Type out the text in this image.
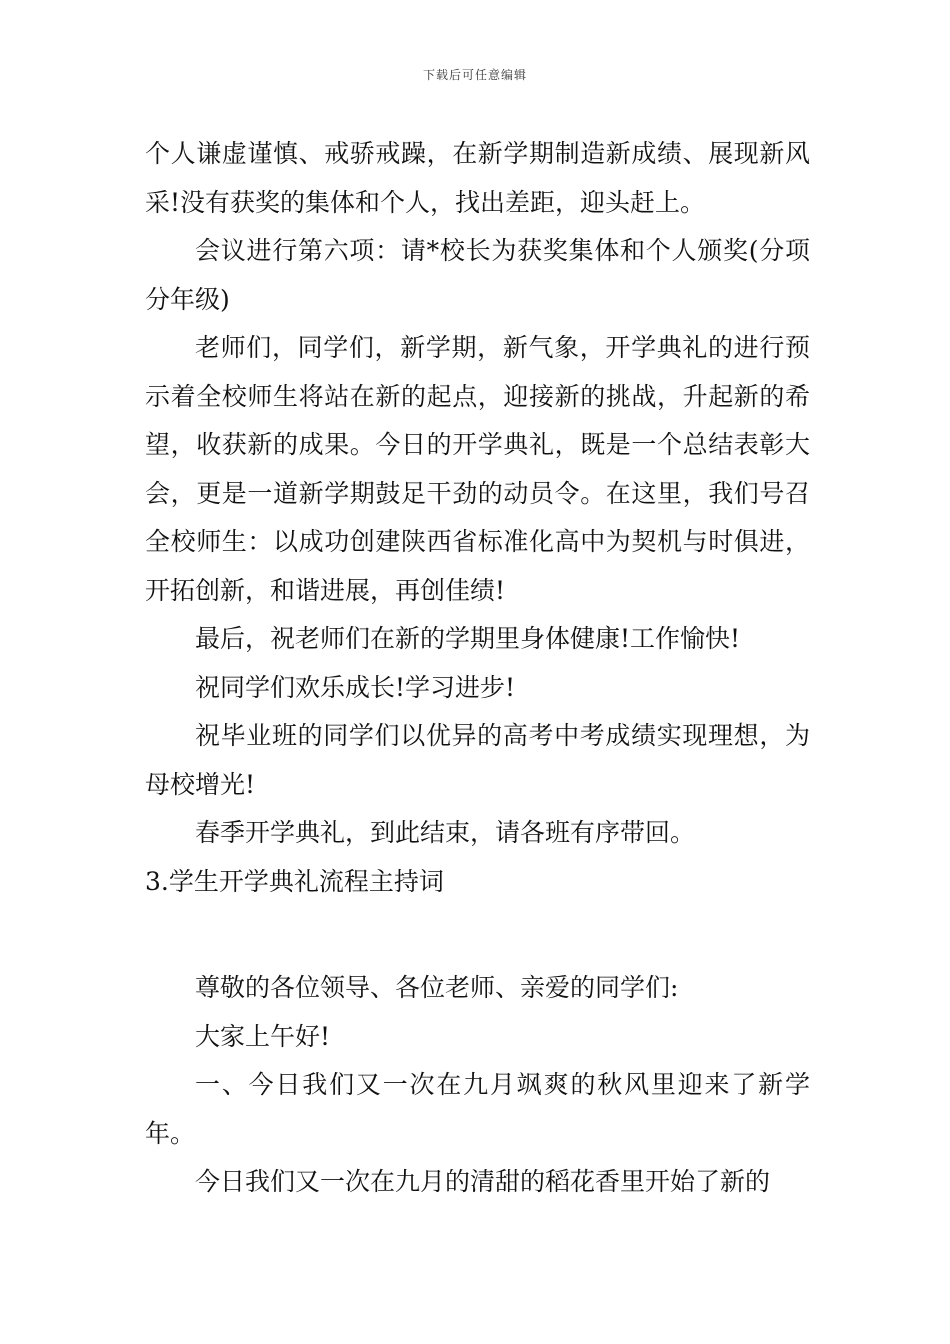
下载后可任意编辑

个人谦虚谨慎、戒骄戒躁，在新学期制造新成绩、展现新风采!没有获奖的集体和个人，找出差距，迎头赶上。

会议进行第六项：请*校长为获奖集体和个人颁奖(分项分年级)

老师们，同学们，新学期，新气象，开学典礼的进行预示着全校师生将站在新的起点，迎接新的挑战，升起新的希望，收获新的成果。今日的开学典礼，既是一个总结表彰大会，更是一道新学期鼓足干劲的动员令。在这里，我们号召全校师生：以成功创建陕西省标准化高中为契机与时俱进，开拓创新，和谐进展，再创佳绩!

最后，祝老师们在新的学期里身体健康!工作愉快!

祝同学们欢乐成长!学习进步!

祝毕业班的同学们以优异的高考中考成绩实现理想，为母校增光!

春季开学典礼，到此结束，请各班有序带回。

3.学生开学典礼流程主持词

尊敬的各位领导、各位老师、亲爱的同学们:

大家上午好!

一、今日我们又一次在九月飒爽的秋风里迎来了新学年。

今日我们又一次在九月的清甜的稻花香里开始了新的
